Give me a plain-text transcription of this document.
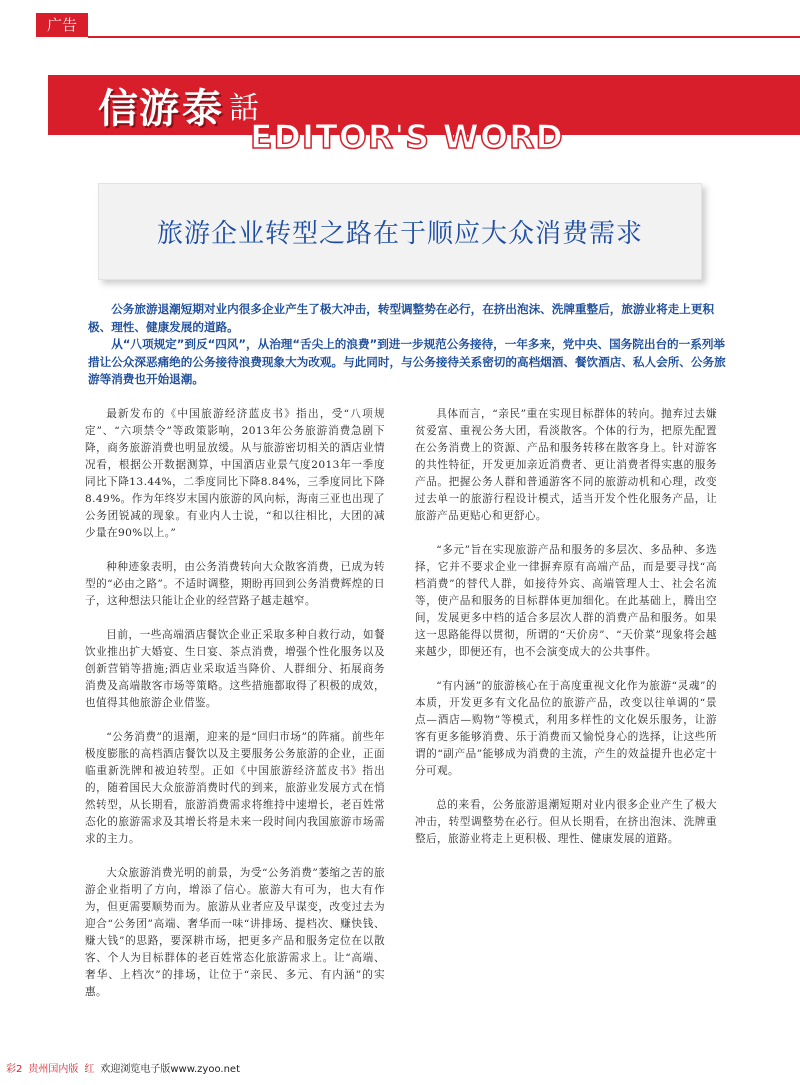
广告
信游 泰 話
EDITOR'S WORD
旅游企业转型之路在于顺应大众消费需求

公务旅游退潮短期对业内很多企业产生了极大冲击，转型调整势在必行，在挤出泡沫、洗牌重整后，旅游业将走上更积极、理性、健康发展的道路。

从“八项规定”到反“四风”，从治理“舌尖上的浪费”到进一步规范公务接待，一年多来，党中央、国务院出台的一系列举措让公众深恶痛绝的公务接待浪费现象大为改观。与此同时，与公务接待关系密切的高档烟酒、餐饮酒店、私人会所、公务旅游等消费也开始退潮。

最新发布的《中国旅游经济蓝皮书》指出，受“八项规定”、“六项禁令”等政策影响，2013年公务旅游消费急剧下降，商务旅游消费也明显放缓。从与旅游密切相关的酒店业情况看，根据公开数据测算，中国酒店业景气度2013年一季度同比下降13.44%，二季度同比下降8.84%，三季度同比下降8.49%。作为年终岁末国内旅游的风向标，海南三亚也出现了公务团锐减的现象。有业内人士说，“和以往相比，大团的减少量在90%以上。”

种种迹象表明，由公务消费转向大众散客消费，已成为转型的“必由之路”。不适时调整，期盼再回到公务消费辉煌的日子，这种想法只能让企业的经营路子越走越窄。

目前，一些高端酒店餐饮企业正采取多种自救行动，如餐饮业推出扩大婚宴、生日宴、茶点消费，增强个性化服务以及创新营销等措施;酒店业采取适当降价、人群细分、拓展商务消费及高端散客市场等策略。这些措施都取得了积极的成效，也值得其他旅游企业借鉴。

“公务消费”的退潮，迎来的是“回归市场”的阵痛。前些年极度膨胀的高档酒店餐饮以及主要服务公务旅游的企业，正面临重新洗牌和被迫转型。正如《中国旅游经济蓝皮书》指出的，随着国民大众旅游消费时代的到来，旅游业发展方式在悄然转型，从长期看，旅游消费需求将维持中速增长，老百姓常态化的旅游需求及其增长将是未来一段时间内我国旅游市场需求的主力。

大众旅游消费光明的前景，为受“公务消费”萎缩之苦的旅游企业指明了方向，增添了信心。旅游大有可为，也大有作为，但更需要顺势而为。旅游从业者应及早谋变，改变过去为迎合“公务团”高端、奢华而一味“讲排场、提档次、赚快钱、赚大钱”的思路，要深耕市场，把更多产品和服务定位在以散客、个人为目标群体的老百姓常态化旅游需求上。让“高端、奢华、上档次”的排场，让位于“亲民、多元、有内涵”的实惠。

具体而言，“亲民”重在实现目标群体的转向。抛弃过去嫌贫爱富、重视公务大团，看淡散客。个体的行为，把原先配置在公务消费上的资源、产品和服务转移在散客身上。针对游客的共性特征，开发更加亲近消费者、更让消费者得实惠的服务产品。把握公务人群和普通游客不同的旅游动机和心理，改变过去单一的旅游行程设计模式，适当开发个性化服务产品，让旅游产品更贴心和更舒心。

“多元”旨在实现旅游产品和服务的多层次、多品种、多选择，它并不要求企业一律摒弃原有高端产品，而是要寻找“高档消费”的替代人群，如接待外宾、高端管理人士、社会名流等，使产品和服务的目标群体更加细化。在此基础上，腾出空间，发展更多中档的适合多层次人群的消费产品和服务。如果这一思路能得以贯彻，所谓的“天价房”、“天价菜”现象将会越来越少，即便还有，也不会演变成大的公共事件。

“有内涵”的旅游核心在于高度重视文化作为旅游“灵魂”的本质，开发更多有文化品位的旅游产品，改变以往单调的“景点—酒店—购物”等模式，利用多样性的文化娱乐服务，让游客有更多能够消费、乐于消费而又愉悦身心的选择，让这些所谓的“副产品”能够成为消费的主流，产生的效益提升也必定十分可观。

总的来看，公务旅游退潮短期对业内很多企业产生了极大冲击，转型调整势在必行。但从长期看，在挤出泡沫、洗牌重整后，旅游业将走上更积极、理性、健康发展的道路。

彩2 贵州国内版 红 欢迎浏览电子版www.zyoo.net
